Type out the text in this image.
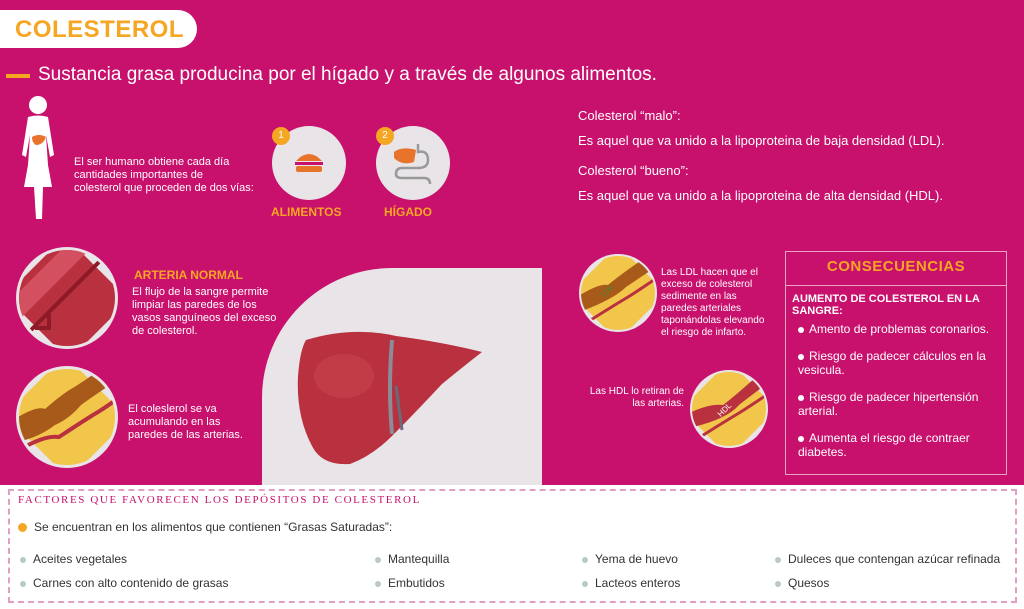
COLESTEROL
Sustancia grasa producina por el hígado y a través de algunos alimentos.
El ser humano obtiene cada día
cantidades importantes de
colesterol que proceden de dos vías:
1
ALIMENTOS
2
HÍGADO
Colesterol “malo”:
Es aquel que va unido a la lipoproteina de baja densidad (LDL).
Colesterol “bueno”:
Es aquel que va unido a la lipoproteina de alta densidad (HDL).
ARTERIA NORMAL
El flujo de la sangre permite
limpiar las paredes de los
vasos sanguíneos del exceso
de colesterol.
El coleslerol se va
acumulando en las
paredes de las arterias.
LDL
Las LDL hacen que el
exceso de colesterol
sedimente en las
paredes arteriales
taponándolas elevando
el riesgo de infarto.
Las HDL lo retiran de
las arterias.	HDL
CONSECUENCIAS
AUMENTO DE COLESTEROL EN LA SANGRE:
Amento de problemas coronarios.
Riesgo de padecer cálculos en la vesicula.
Riesgo de padecer hipertensión arterial.
Aumenta el riesgo de contraer diabetes.
FACTORES QUE FAVORECEN LOS DEPÓSITOS DE COLESTEROL
Se encuentran en los alimentos que contienen “Grasas Saturadas”:
Aceites vegetales	Mantequilla	Yema de huevo	Duleces que contengan azúcar refinada
Carnes con alto contenido de grasas	Embutidos	Lacteos enteros	Quesos
